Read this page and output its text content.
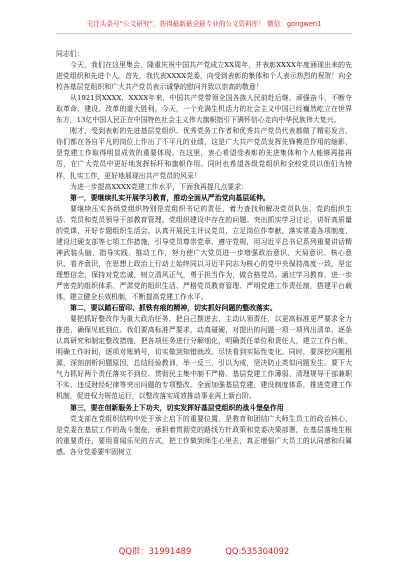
关注头条号“公文研究”，获得最新最全最专业的公文资料库！ 微信：gongwen1

同志们：

今天，我们在这里集会，隆重庆祝中国共产党成立XX周年，并表彰XXXX年度涌现出来的先进党组织和先进个人。首先，我代表XXXX党委，向受到表彰的集体和个人表示热烈的祝贺！向全校各基层党组织和广大共产党员表示诚挚的慰问并致以崇高的敬意！

从1921到XXXX，XXXX年来，中国共产党带领全国各族人民前赴后继、顽强奋斗，不断夺取革命、建设、改革的重大胜利。今天，一个充满生机活力的社会主义中国已经巍然屹立在世界东方，13亿中国人民正在中国特色社会主义伟大旗帜指引下满怀信心走向中华民族伟大复兴。

刚才，受到表彰的先进基层党组织、优秀党务工作者和优秀共产党员代表都做了精彩发言，你们都在各自平凡的岗位上作出了不平凡的业绩，这是广大共产党员发挥先锋模范作用的缩影，是党建工作取得明显成效的重要体现。在这里，衷心希望受表彰的先进集体和个人能够再接再厉，在广大党员中更好地发挥标杆和旗帜作用。同时也希望各级党组织和全校党员以他们为榜样，扎实工作，更好地展现出共产党员的风采！

为进一步提高XXXX党建工作水平，下面我再提几点要求：

第一，要继续扎实开展学习教育，推动全面从严治党向基层延伸。

要继续压实各级党组织特别是党组织书记的责任，着力查找和解决党员队伍、党的组织生活、党员和党员领导干部教育管理、党组织建设中存在的问题。突出抓实学习讨论，讲好高质量的党课，开好专题组织生活会。认真开展民主评议党员，立足岗位作奉献，落实常委各项制度，建设过硬支部等七项工作措施，引导党员尊崇党章、遵守党规，用习近平总书记系列重要讲话精神武装头脑、指导实践、推动工作，努力使广大党员进一步增强政治意识、大局意识、核心意识、看齐意识，在思想上政治上行动上始终同以习近平同志为核心的党中央保持高度一致，坚定理想信念，保持对党忠诚，树立清风正气，勇于担当作为，做合格党员。通过学习教育，进一步严密党的组织体系、严肃党的组织生活、严格党员教育管理、严明党建工作责任制，搭建平台载体，建立健全长效机制，不断提高党建工作水平。

第二，要以踏石留印、抓铁有痕的精神，切实抓好问题的整改落实。

要把抓好整改作为重大政治任务，把自己摆进去，主动认领责任，以更高标准更严要求全力推进，确保见底到位。我们要高标准严要求，动真碰硬，对提出的问题一项一项列出清单，逐条认真研究和制定整改措施，把各项任务进行分解细化，明确责任单位和责任人，建立工作台帐，明确工作时间，逐项对账销号，切实做到知错就改、尽快看到实际性变化。同时，要深挖问题根源，深刻剖析问题原因，总结经验教训，举一反三，引以为戒，坚决防止类似问题发生。要下大气力抓好两个责任落实不到位、贯彻民主集中制不严格、基层党建工作薄弱、清理规导干部兼职不实、违反财经纪律等突出问题的专项整改。全面加强基层党建、建设制度体系，推进党建工作机制，促进权力规范运行，以整改落实成效推动事业再上新台阶。

第三，要在创新服务上下功夫，切实发挥好基层党组织的战斗堡垒作用

党支部在党组织结构中处于承上启下的重要位置，是教育和团结广大师生员工的政治核心，是党委在基层工作的战斗堡垒，承担着贯彻党的路线方针政策和党委决策部署，在基层落地生根的重要责任，要用喜闻乐见的方式，把工作做到师生心里去，真正增强广大员工的认同感和归属感。各分党委要牢固树立

QQ群：31991489	QQ:535304092
